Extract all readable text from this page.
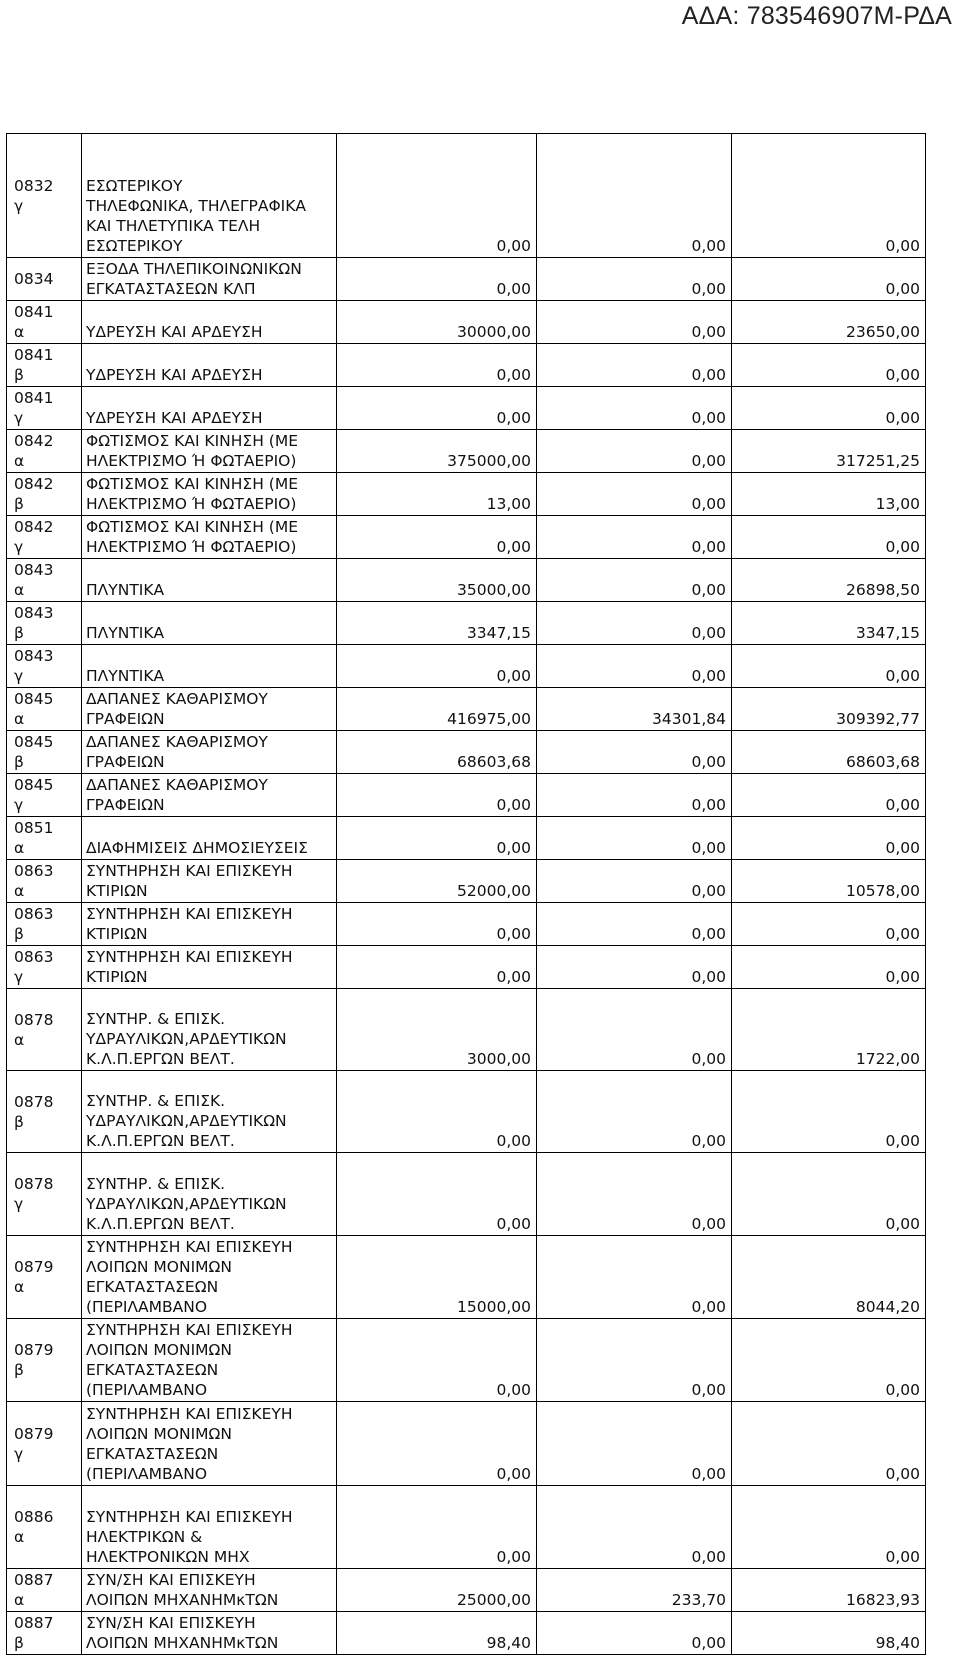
ΑΔΑ: 783546907Μ-ΡΔΑ
0832
γ	ΕΣΩΤΕΡΙΚΟΥ
ΤΗΛΕΦΩΝΙΚΑ, ΤΗΛΕΓΡΑΦΙΚΑ
ΚΑΙ ΤΗΛΕΤΥΠΙΚΑ ΤΕΛΗ
ΕΣΩΤΕΡΙΚΟΥ	0,00	0,00	0,00

0834	ΕΞΟΔΑ ΤΗΛΕΠΙΚΟΙΝΩΝΙΚΩΝ
ΕΓΚΑΤΑΣΤΑΣΕΩΝ ΚΛΠ	0,00	0,00	0,00

0841
α	ΥΔΡΕΥΣΗ ΚΑΙ ΑΡΔΕΥΣΗ	30000,00	0,00	23650,00

0841
β	ΥΔΡΕΥΣΗ ΚΑΙ ΑΡΔΕΥΣΗ	0,00	0,00	0,00

0841
γ	ΥΔΡΕΥΣΗ ΚΑΙ ΑΡΔΕΥΣΗ	0,00	0,00	0,00

0842
α	ΦΩΤΙΣΜΟΣ ΚΑΙ ΚΙΝΗΣΗ (ΜΕ
ΗΛΕΚΤΡΙΣΜΟ Ή ΦΩΤΑΕΡΙΟ)	375000,00	0,00	317251,25

0842
β	ΦΩΤΙΣΜΟΣ ΚΑΙ ΚΙΝΗΣΗ (ΜΕ
ΗΛΕΚΤΡΙΣΜΟ Ή ΦΩΤΑΕΡΙΟ)	13,00	0,00	13,00

0842
γ	ΦΩΤΙΣΜΟΣ ΚΑΙ ΚΙΝΗΣΗ (ΜΕ
ΗΛΕΚΤΡΙΣΜΟ Ή ΦΩΤΑΕΡΙΟ)	0,00	0,00	0,00

0843
α	ΠΛΥΝΤΙΚΑ	35000,00	0,00	26898,50

0843
β	ΠΛΥΝΤΙΚΑ	3347,15	0,00	3347,15

0843
γ	ΠΛΥΝΤΙΚΑ	0,00	0,00	0,00

0845
α	ΔΑΠΑΝΕΣ ΚΑΘΑΡΙΣΜΟΥ
ΓΡΑΦΕΙΩΝ	416975,00	34301,84	309392,77

0845
β	ΔΑΠΑΝΕΣ ΚΑΘΑΡΙΣΜΟΥ
ΓΡΑΦΕΙΩΝ	68603,68	0,00	68603,68

0845
γ	ΔΑΠΑΝΕΣ ΚΑΘΑΡΙΣΜΟΥ
ΓΡΑΦΕΙΩΝ	0,00	0,00	0,00

0851
α	ΔΙΑΦΗΜΙΣΕΙΣ ΔΗΜΟΣΙΕΥΣΕΙΣ	0,00	0,00	0,00

0863
α	ΣΥΝΤΗΡΗΣΗ ΚΑΙ ΕΠΙΣΚΕΥΗ
ΚΤΙΡΙΩΝ	52000,00	0,00	10578,00

0863
β	ΣΥΝΤΗΡΗΣΗ ΚΑΙ ΕΠΙΣΚΕΥΗ
ΚΤΙΡΙΩΝ	0,00	0,00	0,00

0863
γ	ΣΥΝΤΗΡΗΣΗ ΚΑΙ ΕΠΙΣΚΕΥΗ
ΚΤΙΡΙΩΝ	0,00	0,00	0,00

0878
α	ΣΥΝΤΗΡ. & ΕΠΙΣΚ.
ΥΔΡΑΥΛΙΚΩΝ,ΑΡΔΕΥΤΙΚΩΝ
Κ.Λ.Π.ΕΡΓΩΝ ΒΕΛΤ.	3000,00	0,00	1722,00

0878
β	ΣΥΝΤΗΡ. & ΕΠΙΣΚ.
ΥΔΡΑΥΛΙΚΩΝ,ΑΡΔΕΥΤΙΚΩΝ
Κ.Λ.Π.ΕΡΓΩΝ ΒΕΛΤ.	0,00	0,00	0,00

0878
γ	ΣΥΝΤΗΡ. & ΕΠΙΣΚ.
ΥΔΡΑΥΛΙΚΩΝ,ΑΡΔΕΥΤΙΚΩΝ
Κ.Λ.Π.ΕΡΓΩΝ ΒΕΛΤ.	0,00	0,00	0,00

0879
α	ΣΥΝΤΗΡΗΣΗ ΚΑΙ ΕΠΙΣΚΕΥΗ
ΛΟΙΠΩΝ ΜΟΝΙΜΩΝ
ΕΓΚΑΤΑΣΤΑΣΕΩΝ
(ΠΕΡΙΛΑΜΒΑΝΟ	15000,00	0,00	8044,20

0879
β	ΣΥΝΤΗΡΗΣΗ ΚΑΙ ΕΠΙΣΚΕΥΗ
ΛΟΙΠΩΝ ΜΟΝΙΜΩΝ
ΕΓΚΑΤΑΣΤΑΣΕΩΝ
(ΠΕΡΙΛΑΜΒΑΝΟ	0,00	0,00	0,00

0879
γ	ΣΥΝΤΗΡΗΣΗ ΚΑΙ ΕΠΙΣΚΕΥΗ
ΛΟΙΠΩΝ ΜΟΝΙΜΩΝ
ΕΓΚΑΤΑΣΤΑΣΕΩΝ
(ΠΕΡΙΛΑΜΒΑΝΟ	0,00	0,00	0,00

0886
α	ΣΥΝΤΗΡΗΣΗ ΚΑΙ ΕΠΙΣΚΕΥΗ
ΗΛΕΚΤΡΙΚΩΝ &
ΗΛΕΚΤΡΟΝΙΚΩΝ ΜΗΧ	0,00	0,00	0,00

0887
α	ΣΥΝ/ΣΗ ΚΑΙ ΕΠΙΣΚΕΥΗ
ΛΟΙΠΩΝ ΜΗΧΑΝΗΜκΤΩΝ	25000,00	233,70	16823,93

0887
β	ΣΥΝ/ΣΗ ΚΑΙ ΕΠΙΣΚΕΥΗ
ΛΟΙΠΩΝ ΜΗΧΑΝΗΜκΤΩΝ	98,40	0,00	98,40
